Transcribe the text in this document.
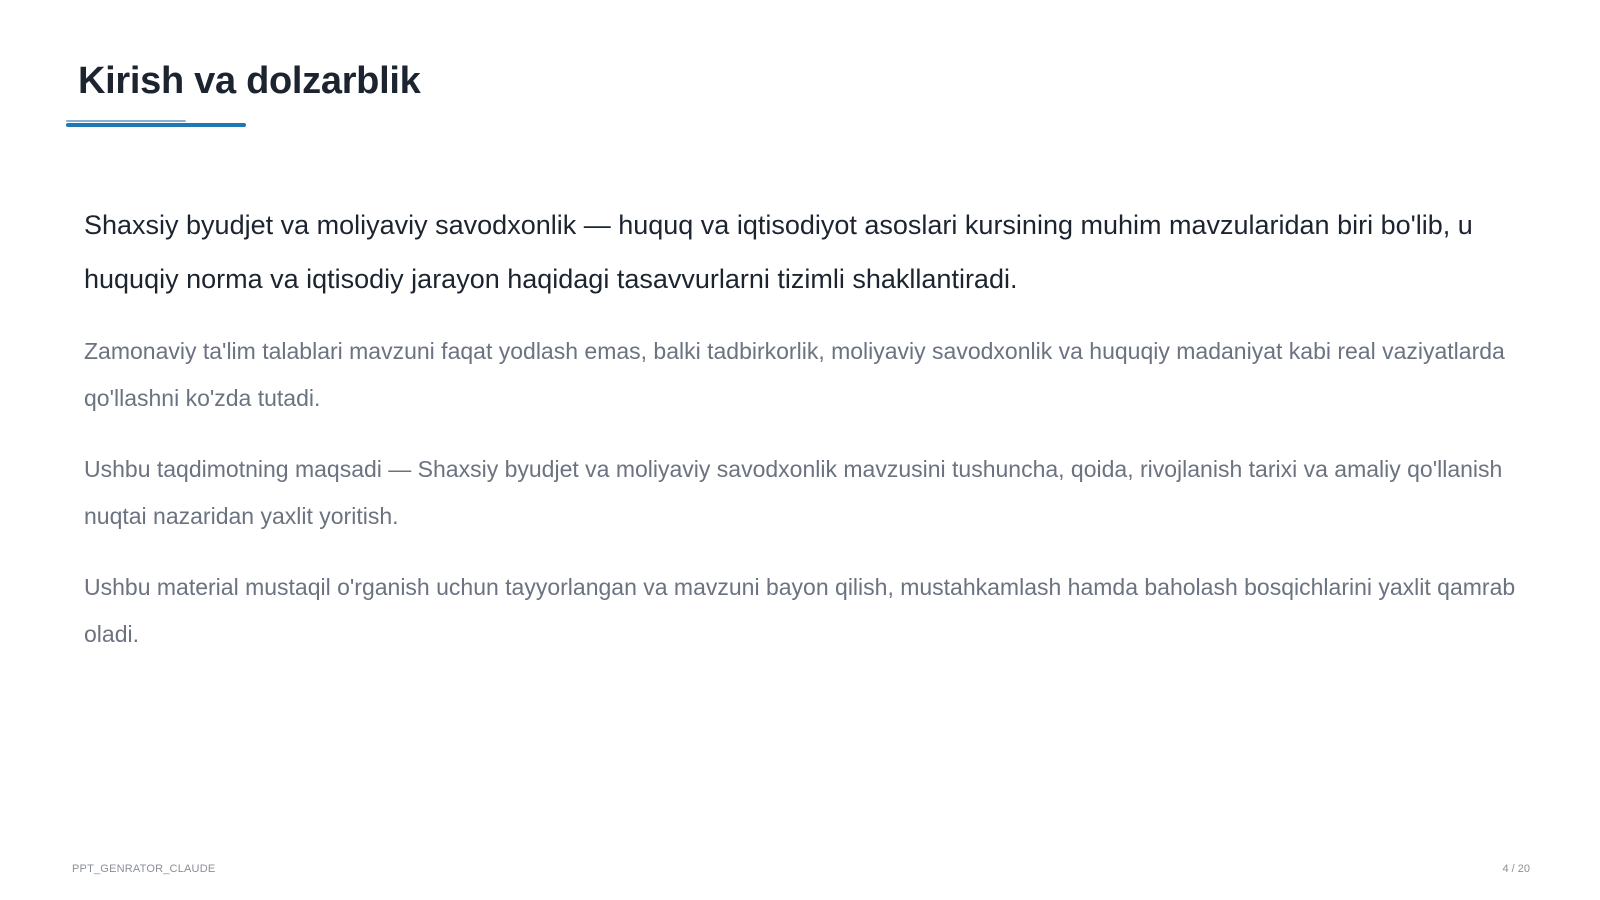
Kirish va dolzarblik

Shaxsiy byudjet va moliyaviy savodxonlik — huquq va iqtisodiyot asoslari kursining muhim mavzularidan biri bo'lib, u huquqiy norma va iqtisodiy jarayon haqidagi tasavvurlarni tizimli shakllantiradi.

Zamonaviy ta'lim talablari mavzuni faqat yodlash emas, balki tadbirkorlik, moliyaviy savodxonlik va huquqiy madaniyat kabi real vaziyatlarda qo'llashni ko'zda tutadi.

Ushbu taqdimotning maqsadi — Shaxsiy byudjet va moliyaviy savodxonlik mavzusini tushuncha, qoida, rivojlanish tarixi va amaliy qo'llanish nuqtai nazaridan yaxlit yoritish.

Ushbu material mustaqil o'rganish uchun tayyorlangan va mavzuni bayon qilish, mustahkamlash hamda baholash bosqichlarini yaxlit qamrab oladi.

PPT_GENRATOR_CLAUDE	4 / 20
